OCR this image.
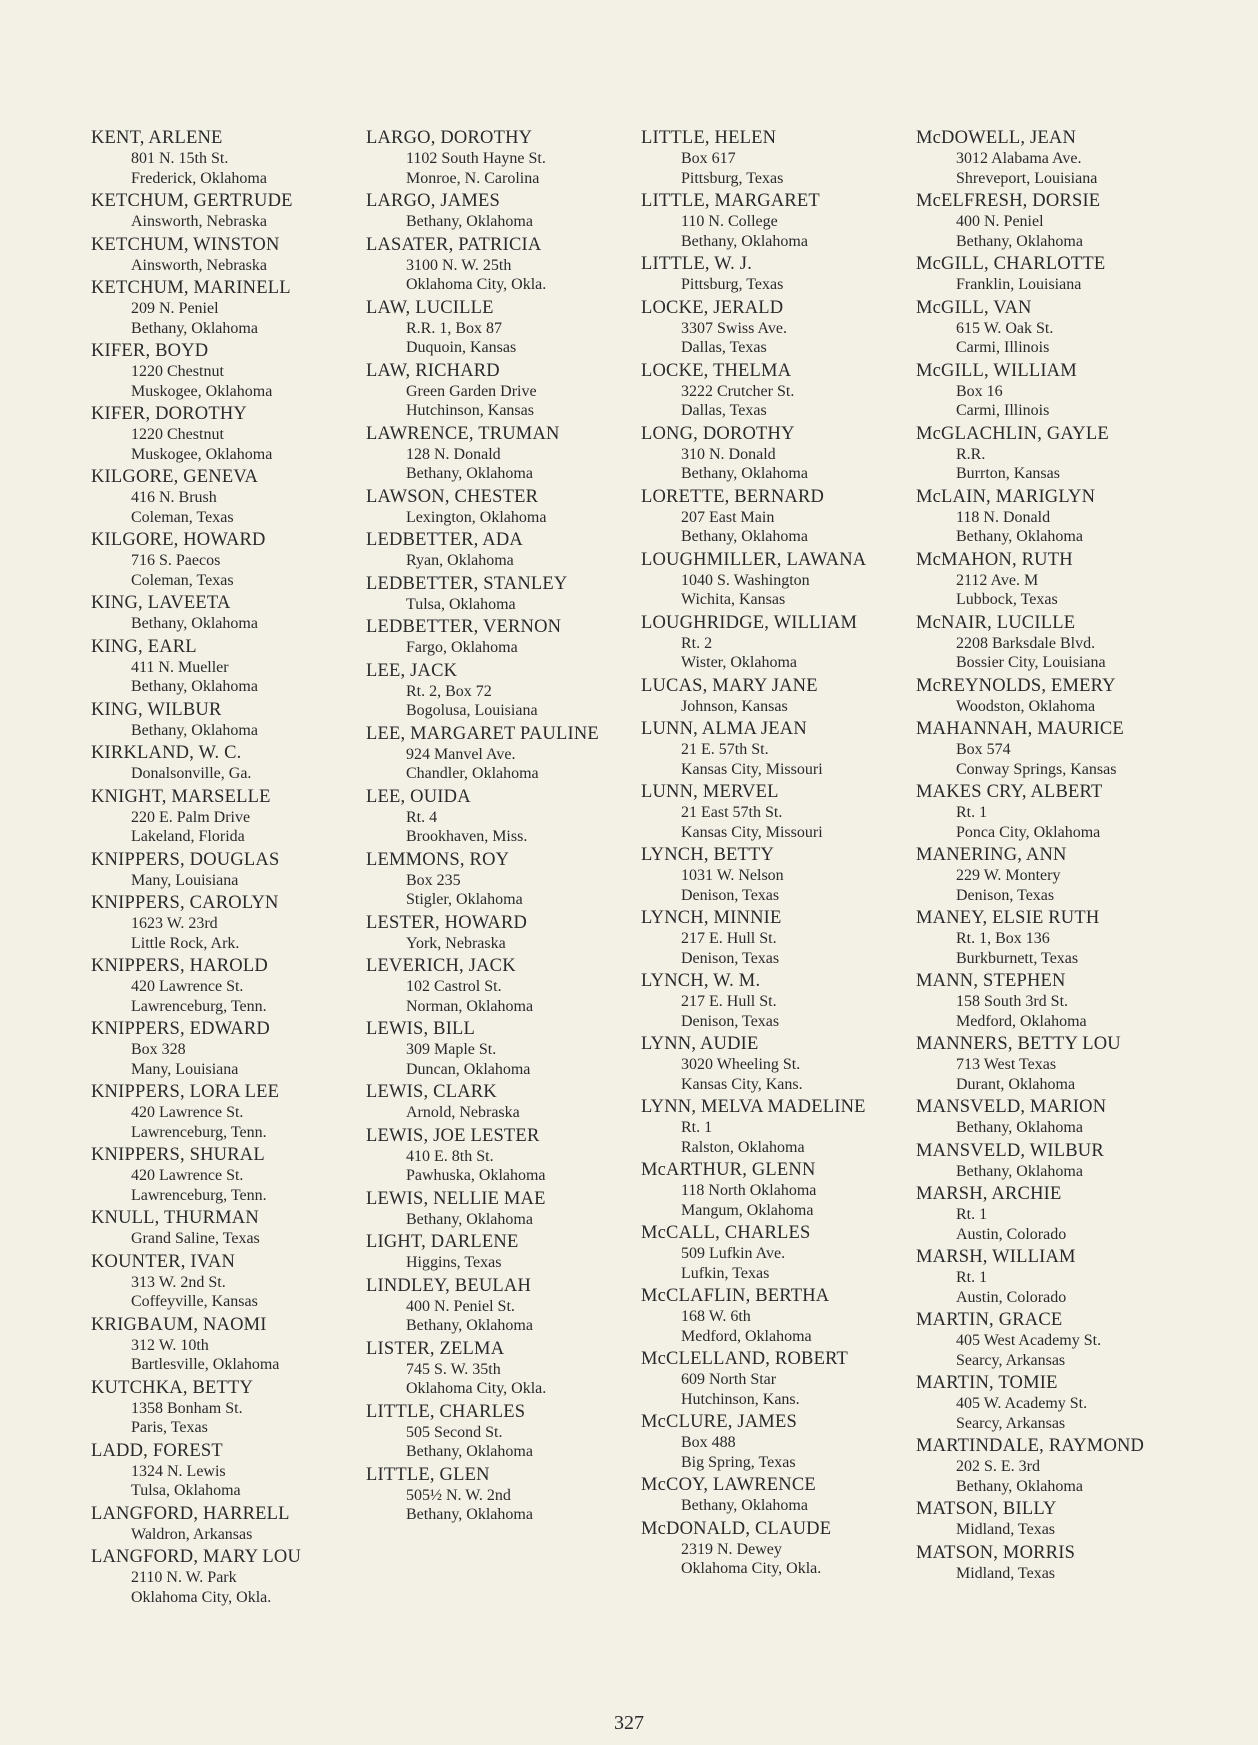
KENT, ARLENE
801 N. 15th St.
Frederick, Oklahoma
KETCHUM, GERTRUDE
Ainsworth, Nebraska
KETCHUM, WINSTON
Ainsworth, Nebraska
KETCHUM, MARINELL
209 N. Peniel
Bethany, Oklahoma
KIFER, BOYD
1220 Chestnut
Muskogee, Oklahoma
KIFER, DOROTHY
1220 Chestnut
Muskogee, Oklahoma
KILGORE, GENEVA
416 N. Brush
Coleman, Texas
KILGORE, HOWARD
716 S. Paecos
Coleman, Texas
KING, LAVEETA
Bethany, Oklahoma
KING, EARL
411 N. Mueller
Bethany, Oklahoma
KING, WILBUR
Bethany, Oklahoma
KIRKLAND, W. C.
Donalsonville, Ga.
KNIGHT, MARSELLE
220 E. Palm Drive
Lakeland, Florida
KNIPPERS, DOUGLAS
Many, Louisiana
KNIPPERS, CAROLYN
1623 W. 23rd
Little Rock, Ark.
KNIPPERS, HAROLD
420 Lawrence St.
Lawrenceburg, Tenn.
KNIPPERS, EDWARD
Box 328
Many, Louisiana
KNIPPERS, LORA LEE
420 Lawrence St.
Lawrenceburg, Tenn.
KNIPPERS, SHURAL
420 Lawrence St.
Lawrenceburg, Tenn.
KNULL, THURMAN
Grand Saline, Texas
KOUNTER, IVAN
313 W. 2nd St.
Coffeyville, Kansas
KRIGBAUM, NAOMI
312 W. 10th
Bartlesville, Oklahoma
KUTCHKA, BETTY
1358 Bonham St.
Paris, Texas
LADD, FOREST
1324 N. Lewis
Tulsa, Oklahoma
LANGFORD, HARRELL
Waldron, Arkansas
LANGFORD, MARY LOU
2110 N. W. Park
Oklahoma City, Okla.
LARGO, DOROTHY
1102 South Hayne St.
Monroe, N. Carolina
LARGO, JAMES
Bethany, Oklahoma
LASATER, PATRICIA
3100 N. W. 25th
Oklahoma City, Okla.
LAW, LUCILLE
R.R. 1, Box 87
Duquoin, Kansas
LAW, RICHARD
Green Garden Drive
Hutchinson, Kansas
LAWRENCE, TRUMAN
128 N. Donald
Bethany, Oklahoma
LAWSON, CHESTER
Lexington, Oklahoma
LEDBETTER, ADA
Ryan, Oklahoma
LEDBETTER, STANLEY
Tulsa, Oklahoma
LEDBETTER, VERNON
Fargo, Oklahoma
LEE, JACK
Rt. 2, Box 72
Bogolusa, Louisiana
LEE, MARGARET PAULINE
924 Manvel Ave.
Chandler, Oklahoma
LEE, OUIDA
Rt. 4
Brookhaven, Miss.
LEMMONS, ROY
Box 235
Stigler, Oklahoma
LESTER, HOWARD
York, Nebraska
LEVERICH, JACK
102 Castrol St.
Norman, Oklahoma
LEWIS, BILL
309 Maple St.
Duncan, Oklahoma
LEWIS, CLARK
Arnold, Nebraska
LEWIS, JOE LESTER
410 E. 8th St.
Pawhuska, Oklahoma
LEWIS, NELLIE MAE
Bethany, Oklahoma
LIGHT, DARLENE
Higgins, Texas
LINDLEY, BEULAH
400 N. Peniel St.
Bethany, Oklahoma
LISTER, ZELMA
745 S. W. 35th
Oklahoma City, Okla.
LITTLE, CHARLES
505 Second St.
Bethany, Oklahoma
LITTLE, GLEN
505½ N. W. 2nd
Bethany, Oklahoma
LITTLE, HELEN
Box 617
Pittsburg, Texas
LITTLE, MARGARET
110 N. College
Bethany, Oklahoma
LITTLE, W. J.
Pittsburg, Texas
LOCKE, JERALD
3307 Swiss Ave.
Dallas, Texas
LOCKE, THELMA
3222 Crutcher St.
Dallas, Texas
LONG, DOROTHY
310 N. Donald
Bethany, Oklahoma
LORETTE, BERNARD
207 East Main
Bethany, Oklahoma
LOUGHMILLER, LAWANA
1040 S. Washington
Wichita, Kansas
LOUGHRIDGE, WILLIAM
Rt. 2
Wister, Oklahoma
LUCAS, MARY JANE
Johnson, Kansas
LUNN, ALMA JEAN
21 E. 57th St.
Kansas City, Missouri
LUNN, MERVEL
21 East 57th St.
Kansas City, Missouri
LYNCH, BETTY
1031 W. Nelson
Denison, Texas
LYNCH, MINNIE
217 E. Hull St.
Denison, Texas
LYNCH, W. M.
217 E. Hull St.
Denison, Texas
LYNN, AUDIE
3020 Wheeling St.
Kansas City, Kans.
LYNN, MELVA MADELINE
Rt. 1
Ralston, Oklahoma
McARTHUR, GLENN
118 North Oklahoma
Mangum, Oklahoma
McCALL, CHARLES
509 Lufkin Ave.
Lufkin, Texas
McCLAFLIN, BERTHA
168 W. 6th
Medford, Oklahoma
McCLELLAND, ROBERT
609 North Star
Hutchinson, Kans.
McCLURE, JAMES
Box 488
Big Spring, Texas
McCOY, LAWRENCE
Bethany, Oklahoma
McDONALD, CLAUDE
2319 N. Dewey
Oklahoma City, Okla.
McDOWELL, JEAN
3012 Alabama Ave.
Shreveport, Louisiana
McELFRESH, DORSIE
400 N. Peniel
Bethany, Oklahoma
McGILL, CHARLOTTE
Franklin, Louisiana
McGILL, VAN
615 W. Oak St.
Carmi, Illinois
McGILL, WILLIAM
Box 16
Carmi, Illinois
McGLACHLIN, GAYLE
R.R.
Burrton, Kansas
McLAIN, MARIGLYN
118 N. Donald
Bethany, Oklahoma
McMAHON, RUTH
2112 Ave. M
Lubbock, Texas
McNAIR, LUCILLE
2208 Barksdale Blvd.
Bossier City, Louisiana
McREYNOLDS, EMERY
Woodston, Oklahoma
MAHANNAH, MAURICE
Box 574
Conway Springs, Kansas
MAKES CRY, ALBERT
Rt. 1
Ponca City, Oklahoma
MANERING, ANN
229 W. Montery
Denison, Texas
MANEY, ELSIE RUTH
Rt. 1, Box 136
Burkburnett, Texas
MANN, STEPHEN
158 South 3rd St.
Medford, Oklahoma
MANNERS, BETTY LOU
713 West Texas
Durant, Oklahoma
MANSVELD, MARION
Bethany, Oklahoma
MANSVELD, WILBUR
Bethany, Oklahoma
MARSH, ARCHIE
Rt. 1
Austin, Colorado
MARSH, WILLIAM
Rt. 1
Austin, Colorado
MARTIN, GRACE
405 West Academy St.
Searcy, Arkansas
MARTIN, TOMIE
405 W. Academy St.
Searcy, Arkansas
MARTINDALE, RAYMOND
202 S. E. 3rd
Bethany, Oklahoma
MATSON, BILLY
Midland, Texas
MATSON, MORRIS
Midland, Texas
327
